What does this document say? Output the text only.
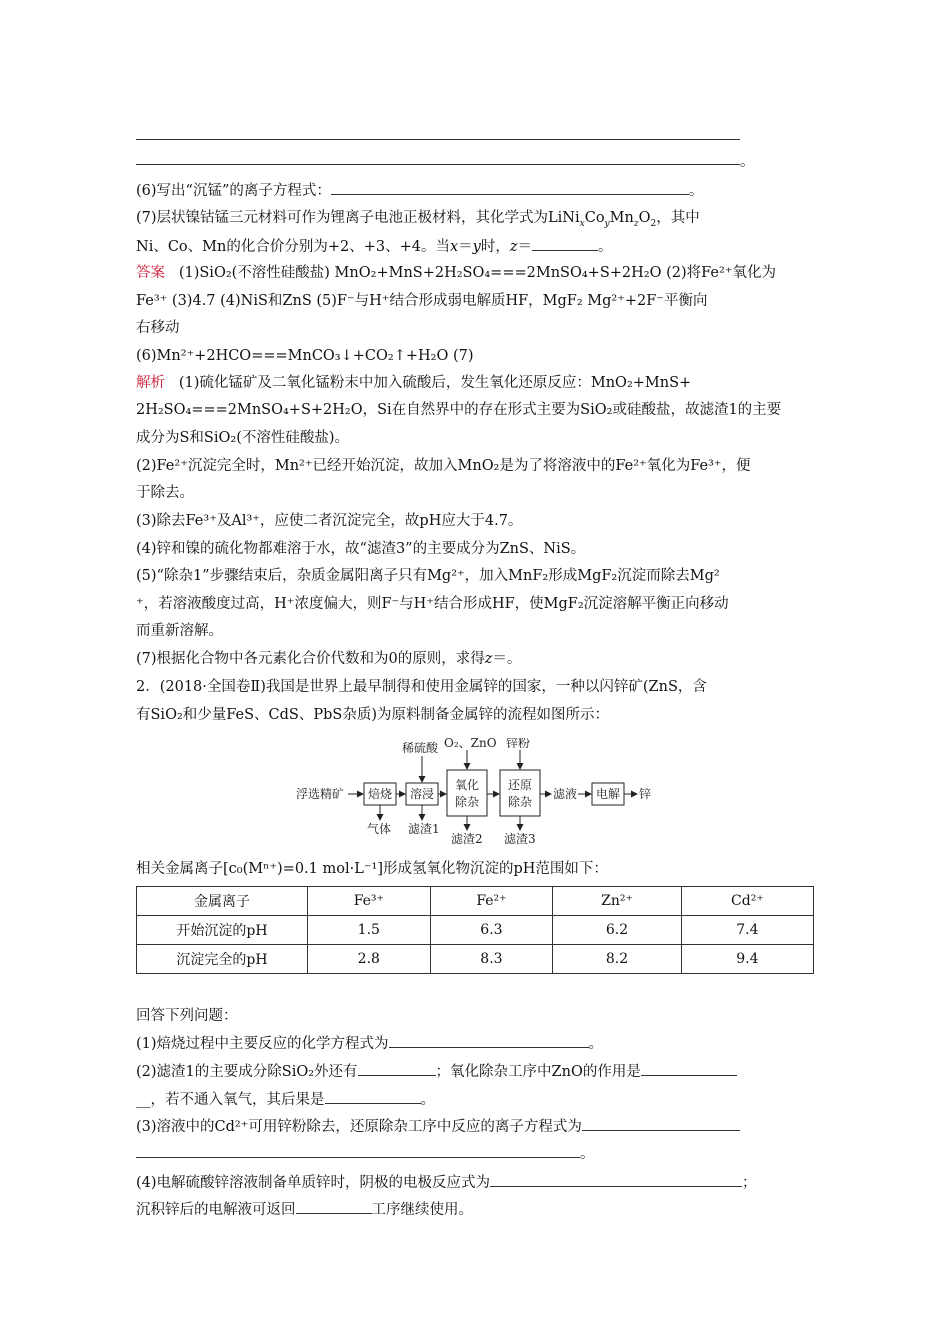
。
(6)写出“沉锰”的离子方程式：	。
(7)层状镍钴锰三元材料可作为锂离子电池正极材料，其化学式为$LiNi_xCo_yMn_zO_2$，其中
Ni、Co、Mn的化合价分别为+2、+3、+4。当x＝y时，z＝	。
答案 (1)SiO₂(不溶性硅酸盐) MnO₂+MnS+2H₂SO₄===2MnSO₄+S+2H₂O (2)将Fe²⁺氧化为
Fe³⁺ (3)4.7 (4)NiS和ZnS (5)F⁻与H⁺结合形成弱电解质HF，MgF₂ Mg²⁺+2F⁻平衡向
右移动
(6)Mn²⁺+2HCO===MnCO₃↓+CO₂↑+H₂O (7)
解析 (1)硫化锰矿及二氧化锰粉末中加入硫酸后，发生氧化还原反应：MnO₂+MnS+
2H₂SO₄===2MnSO₄+S+2H₂O，Si在自然界中的存在形式主要为SiO₂或硅酸盐，故滤渣1的主要
成分为S和SiO₂(不溶性硅酸盐)。
(2)Fe²⁺沉淀完全时，Mn²⁺已经开始沉淀，故加入MnO₂是为了将溶液中的Fe²⁺氧化为Fe³⁺，便
于除去。
(3)除去Fe³⁺及Al³⁺，应使二者沉淀完全，故pH应大于4.7。
(4)锌和镍的硫化物都难溶于水，故“滤渣3”的主要成分为ZnS、NiS。
(5)“除杂1”步骤结束后，杂质金属阳离子只有Mg²⁺，加入MnF₂形成MgF₂沉淀而除去Mg²
⁺，若溶液酸度过高，H⁺浓度偏大，则F⁻与H⁺结合形成HF，使MgF₂沉淀溶解平衡正向移动
而重新溶解。
(7)根据化合物中各元素化合价代数和为0的原则，求得z＝。
2．(2018·全国卷Ⅱ)我国是世界上最早制得和使用金属锌的国家，一种以闪锌矿(ZnS，含
有SiO₂和少量FeS、CdS、PbS杂质)为原料制备金属锌的流程如图所示：
稀硫酸 O₂、ZnO 锌粉
浮选精矿 焙烧 溶浸
氧化
除杂
还原
除杂
滤液 电解 锌
气体 滤渣1
滤渣2 滤渣3
相关金属离子[c₀(Mⁿ⁺)=0.1 mol·L⁻¹]形成氢氧化物沉淀的pH范围如下：
金属离子	Fe³⁺	Fe²⁺	Zn²⁺	Cd²⁺
开始沉淀的pH	1.5	6.3	6.2	7.4
沉淀完全的pH	2.8	8.3	8.2	9.4
回答下列问题：
(1)焙烧过程中主要反应的化学方程式为	。
(2)滤渣1的主要成分除SiO₂外还有	；氧化除杂工序中ZnO的作用是
__，若不通入氧气，其后果是	。
(3)溶液中的Cd²⁺可用锌粉除去，还原除杂工序中反应的离子方程式为
。
(4)电解硫酸锌溶液制备单质锌时，阴极的电极反应式为	；
沉积锌后的电解液可返回	工序继续使用。
